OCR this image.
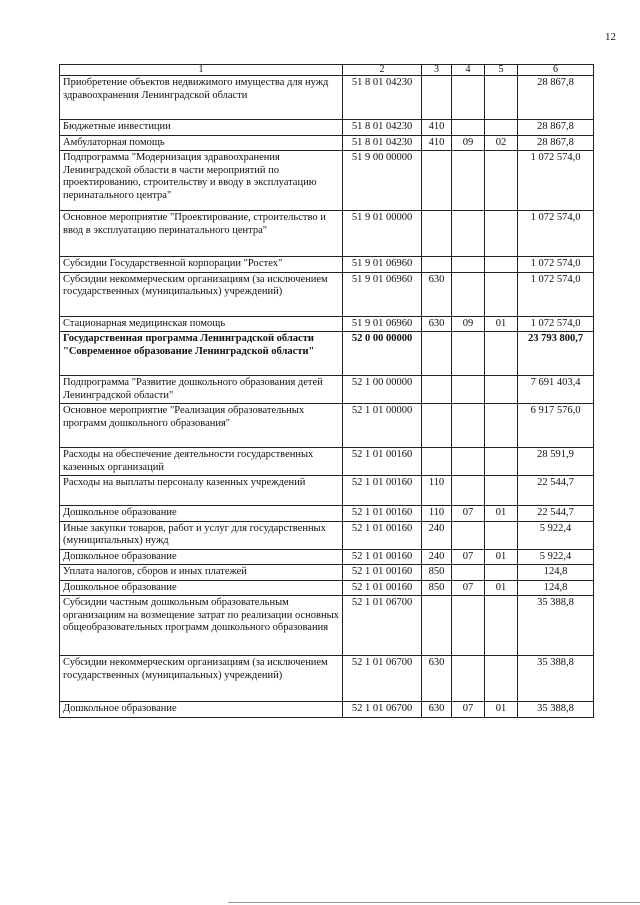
12
1	2	3	4	5	6
Приобретение объектов недвижимого имущества для нужд здравоохранения Ленинградской области	51 8 01 04230				28 867,8
Бюджетные инвестиции	51 8 01 04230	410			28 867,8
Амбулаторная помощь	51 8 01 04230	410	09	02	28 867,8
Подпрограмма "Модернизация здравоохранения Ленинградской области в части мероприятий по проектированию, строительству и вводу в эксплуатацию перинатального центра"	51 9 00 00000				1 072 574,0
Основное мероприятие "Проектирование, строительство и ввод в эксплуатацию перинатального центра"	51 9 01 00000				1 072 574,0
Субсидии Государственной корпорации "Ростех"	51 9 01 06960				1 072 574,0
Субсидии некоммерческим организациям (за исключением государственных (муниципальных) учреждений)	51 9 01 06960	630			1 072 574,0
Стационарная медицинская помощь	51 9 01 06960	630	09	01	1 072 574,0
Государственная программа Ленинградской области "Современное образование Ленинградской области"	52 0 00 00000				23 793 800,7
Подпрограмма "Развитие дошкольного образования детей Ленинградской области"	52 1 00 00000				7 691 403,4
Основное мероприятие "Реализация образовательных программ дошкольного образования"	52 1 01 00000				6 917 576,0
Расходы на обеспечение деятельности государственных казенных организаций	52 1 01 00160				28 591,9
Расходы на выплаты персоналу казенных учреждений	52 1 01 00160	110			22 544,7
Дошкольное образование	52 1 01 00160	110	07	01	22 544,7
Иные закупки товаров, работ и услуг для государственных (муниципальных) нужд	52 1 01 00160	240			5 922,4
Дошкольное образование	52 1 01 00160	240	07	01	5 922,4
Уплата налогов, сборов и иных платежей	52 1 01 00160	850			124,8
Дошкольное образование	52 1 01 00160	850	07	01	124,8
Субсидии частным дошкольным образовательным организациям на возмещение затрат по реализации основных общеобразовательных программ дошкольного образования	52 1 01 06700				35 388,8
Субсидии некоммерческим организациям (за исключением государственных (муниципальных) учреждений)	52 1 01 06700	630			35 388,8
Дошкольное образование	52 1 01 06700	630	07	01	35 388,8
